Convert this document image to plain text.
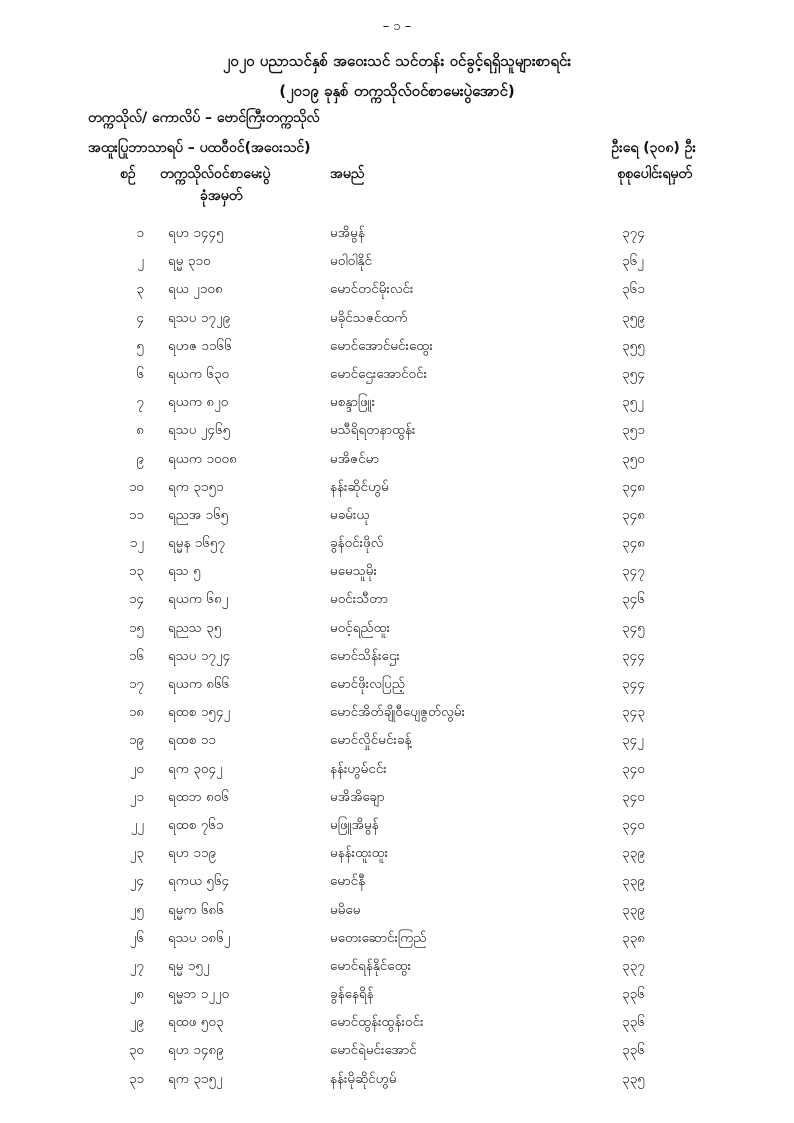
– ၁ –
၂၀၂၀ ပညာသင်နှစ် အဝေးသင် သင်တန်း ဝင်ခွင့်ရရှိသူများစာရင်း
(၂၀၁၉ ခုနှစ် တက္ကသိုလ်ဝင်စာမေးပွဲအောင်)
တက္ကသိုလ်/ ကောလိပ် – ဗောင်ကြီးတက္ကသိုလ်
အထူးပြုဘာသာရပ် – ပထဝီဝင်(အဝေးသင်)	ဦးရေ (၃၀၈) ဦး
စဉ် တက္ကသိုလ်ဝင်စာမေးပွဲ
ခုံအမှတ်
အမည်	စုစုပေါင်းရမှတ်
၁ ရဟ ၁၄၄၅	မအိမွန်	၃၇၄
၂ ရမ္မ ၃၁၀	မဝါဝါနိုင်	၃၆၂
၃ ရယ ၂၁၀၈	မောင်တင်မိုးလင်း	၃၆၁
၄ ရသပ ၁၇၂၉	မခိုင်သဇင်ထက်	၃၅၉
၅ ရဟဇ ၁၁၆၆	မောင်အောင်မင်းထွေး	၃၅၅
၆ ရယက ၆၃၀	မောင်ဌေးအောင်ဝင်း	၃၅၄
၇ ရယက ၈၂၀	မစန္ဒာဖြူး	၃၅၂
၈ ရသပ ၂၄၆၅	မသီရိရတနာထွန်း	၃၅၁
၉ ရယက ၁၀၀၈	မအိဇင်မာ	၃၅၀
၁၀ ရက ၃၁၅၁	နန်းဆိုင်ဟွမ်	၃၄၈
၁၁ ရညအ ၁၆၅	မခမ်းယု	၃၄၈
၁၂ ရမ္မန ၁၆၅၇	ခွန်ဝင်းဖိုလ်	၃၄၈
၁၃ ရသ ၅	မမေသူမိုး	၃၄၇
၁၄ ရယက ၆၈၂	မဝင်းသီတာ	၃၄၆
၁၅ ရညသ ၃၅	မဝင့်ရည်ထူး	၃၄၅
၁၆ ရသပ ၁၇၂၄	မောင်သိန်းဌေး	၃၄၄
၁၇ ရယက ၈၆၆	မောင်ဖိုးလပြည့်	၃၄၄
၁၈ ရထစ ၁၅၄၂	မောင်အိတ်ချိုဝီပျေဇွတ်လွမ်း	၃၄၃
၁၉ ရထစ ၁၁	မောင်လှိုင်မင်းခန့်	၃၄၂
၂၀ ရက ၃၀၄၂	နန်းဟွမ်ငင်း	၃၄၀
၂၁ ရထဘ ၈၀၆	မအိအိချော	၃၄၀
၂၂ ရထစ ၇၆၁	မဖြူအိမွန်	၃၄၀
၂၃ ရဟ ၁၁၉	မနန်းထူးထူး	၃၃၉
၂၄ ရကယ ၅၆၄	မောင်နီ	၃၃၉
၂၅ ရမ္မက ၆၈၆	မမိမေ	၃၃၉
၂၆ ရသပ ၁၈၆၂	မတေးဆောင်းကြည်	၃၃၈
၂၇ ရမ္မ ၁၅၂	မောင်ရန်နိုင်ထွေး	၃၃၇
၂၈ ရမ္မဘ ၁၂၂၀	ခွန်နေရိန်	၃၃၆
၂၉ ရထဖ ၅၀၃	မောင်ထွန်းထွန်းဝင်း	၃၃၆
၃၀ ရဟ ၁၄၈၉	မောင်ရဲမင်းအောင်	၃၃၆
၃၁ ရက ၃၁၅၂	နန်းမိုဆိုင်ဟွမ်	၃၃၅
